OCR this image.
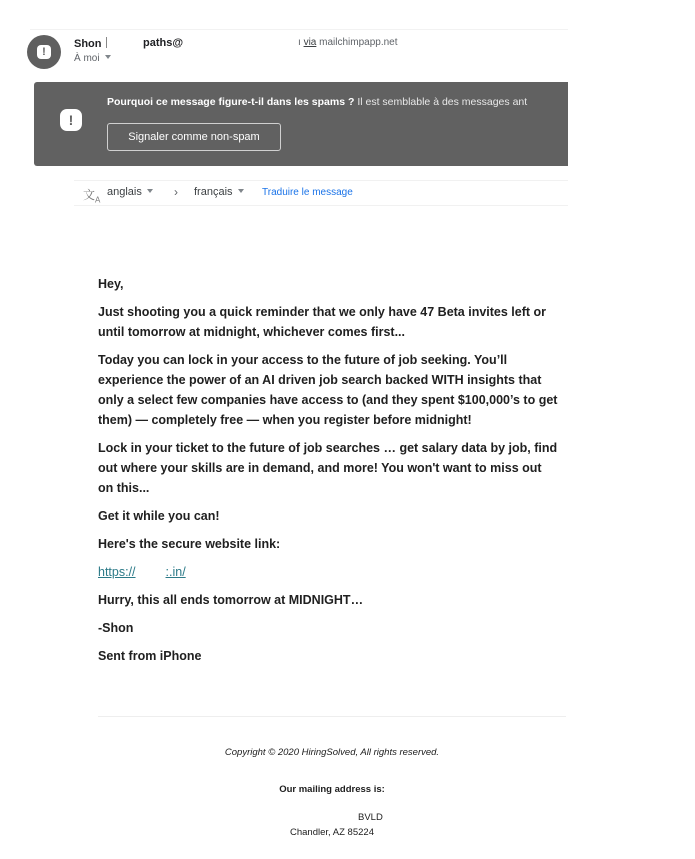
!
Shon	paths@	ı via mailchimpapp.net
À moi
!
Pourquoi ce message figure-t-il dans les spams ? Il est semblable à des messages ant
Signaler comme non-spam
文$_A$
anglais	› français	Traduire le message

Hey,

Just shooting you a quick reminder that we only have 47 Beta invites left or until tomorrow at midnight, whichever comes first...

Today you can lock in your access to the future of job seeking. You’ll experience the power of an AI driven job search backed WITH insights that only a select few companies have access to (and they spent $100,000’s to get them) — completely free — when you register before midnight!

Lock in your ticket to the future of job searches … get salary data by job, find out where your skills are in demand, and more! You won't want to miss out on this...

Get it while you can!

Here's the secure website link:

https:// :.in/

Hurry, this all ends tomorrow at MIDNIGHT…

-Shon

Sent from iPhone

Copyright © 2020 HiringSolved, All rights reserved.
Our mailing address is:
BVLD
Chandler, AZ 85224
